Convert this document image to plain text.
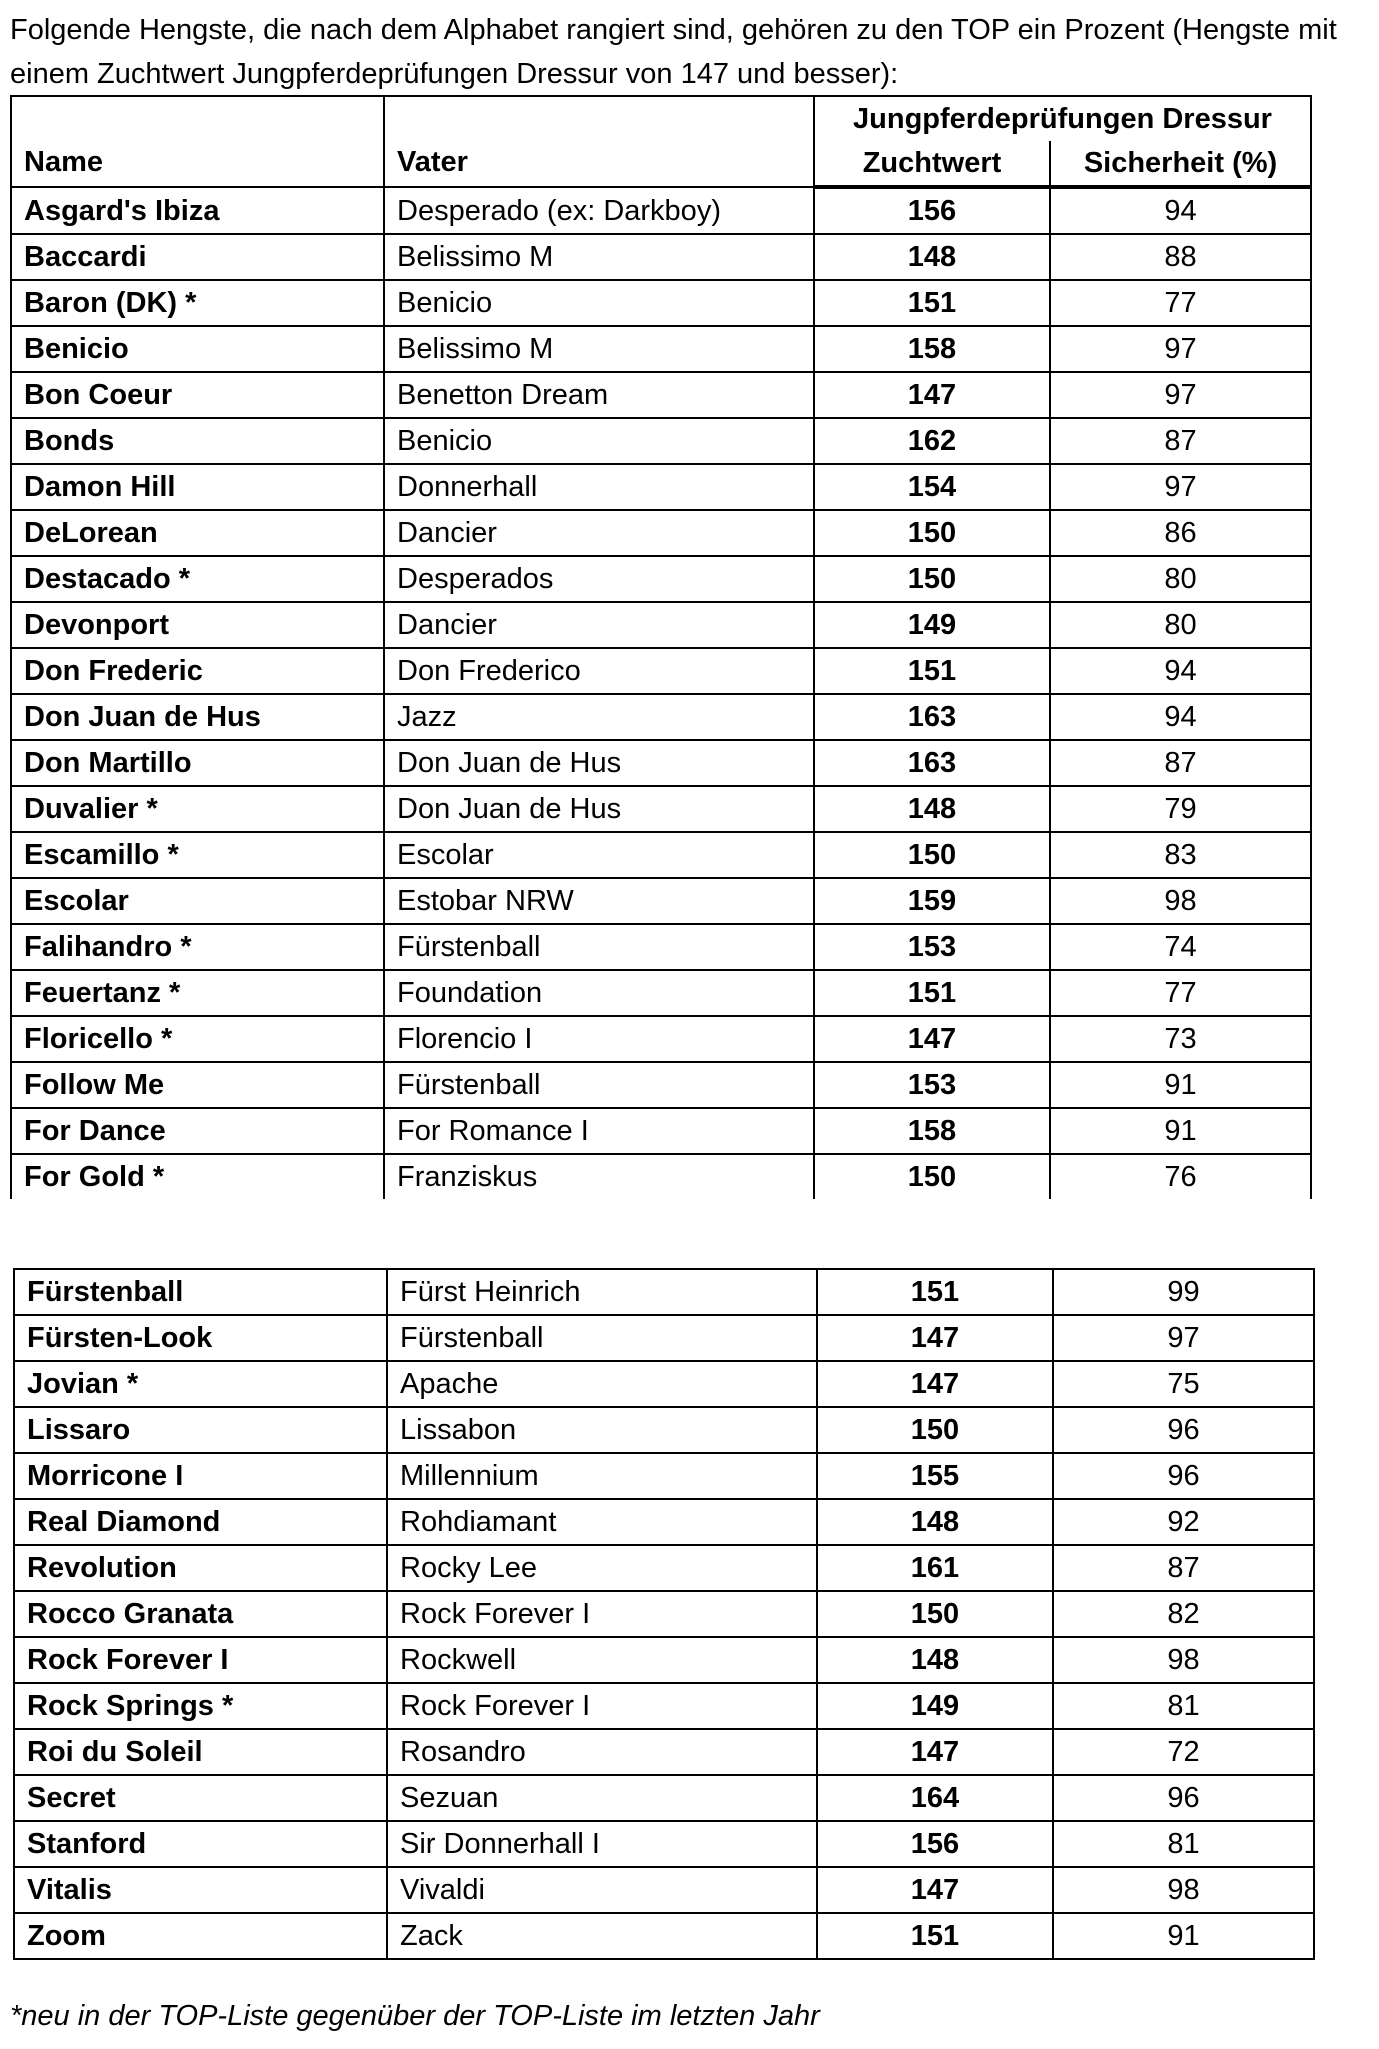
Folgende Hengste, die nach dem Alphabet rangiert sind, gehören zu den TOP ein Prozent (Hengste mit einem Zuchtwert Jungpferdeprüfungen Dressur von 147 und besser):
Name	Vater	Jungpferdeprüfungen Dressur	
		Zuchtwert	Sicherheit (%)
Asgard's Ibiza	Desperado (ex: Darkboy)	156	94
Baccardi	Belissimo M	148	88
Baron (DK) *	Benicio	151	77
Benicio	Belissimo M	158	97
Bon Coeur	Benetton Dream	147	97
Bonds	Benicio	162	87
Damon Hill	Donnerhall	154	97
DeLorean	Dancier	150	86
Destacado *	Desperados	150	80
Devonport	Dancier	149	80
Don Frederic	Don Frederico	151	94
Don Juan de Hus	Jazz	163	94
Don Martillo	Don Juan de Hus	163	87
Duvalier *	Don Juan de Hus	148	79
Escamillo *	Escolar	150	83
Escolar	Estobar NRW	159	98
Falihandro *	Fürstenball	153	74
Feuertanz *	Foundation	151	77
Floricello *	Florencio I	147	73
Follow Me	Fürstenball	153	91
For Dance	For Romance I	158	91
For Gold *	Franziskus	150	76
Fürstenball	Fürst Heinrich	151	99
Fürsten-Look	Fürstenball	147	97
Jovian *	Apache	147	75
Lissaro	Lissabon	150	96
Morricone I	Millennium	155	96
Real Diamond	Rohdiamant	148	92
Revolution	Rocky Lee	161	87
Rocco Granata	Rock Forever I	150	82
Rock Forever I	Rockwell	148	98
Rock Springs *	Rock Forever I	149	81
Roi du Soleil	Rosandro	147	72
Secret	Sezuan	164	96
Stanford	Sir Donnerhall I	156	81
Vitalis	Vivaldi	147	98
Zoom	Zack	151	91
*neu in der TOP-Liste gegenüber der TOP-Liste im letzten Jahr
